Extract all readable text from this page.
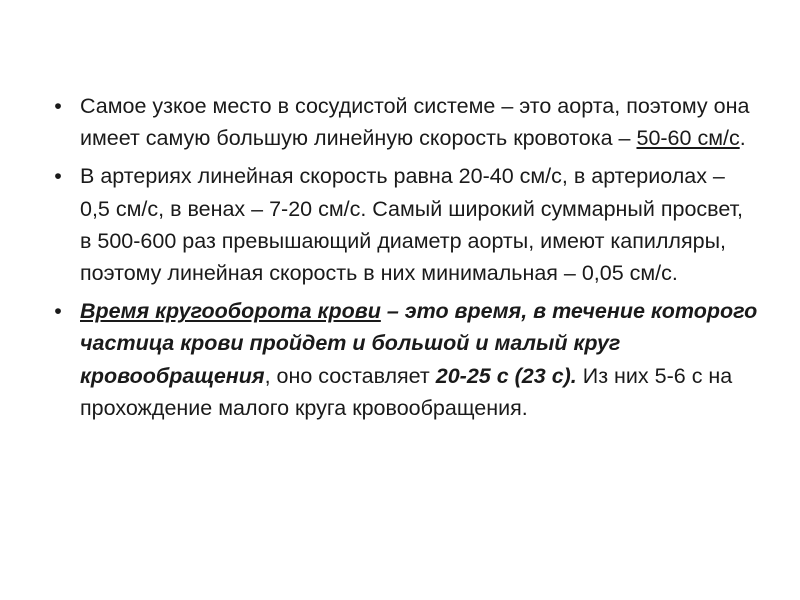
• Самое узкое место в сосудистой системе – это аорта, поэтому она имеет самую большую линейную скорость кровотока – 50-60 см/с.
• В артериях линейная скорость равна 20-40 см/с, в артериолах – 0,5 см/с, в венах – 7-20 см/с. Самый широкий суммарный просвет, в 500-600 раз превышающий диаметр аорты, имеют капилляры, поэтому линейная скорость в них минимальная – 0,05 см/с.
• Время кругооборота крови – это время, в течение которого частица крови пройдет и большой и малый круг кровообращения, оно составляет 20-25 с (23 с). Из них 5-6 с на прохождение малого круга кровообращения.
